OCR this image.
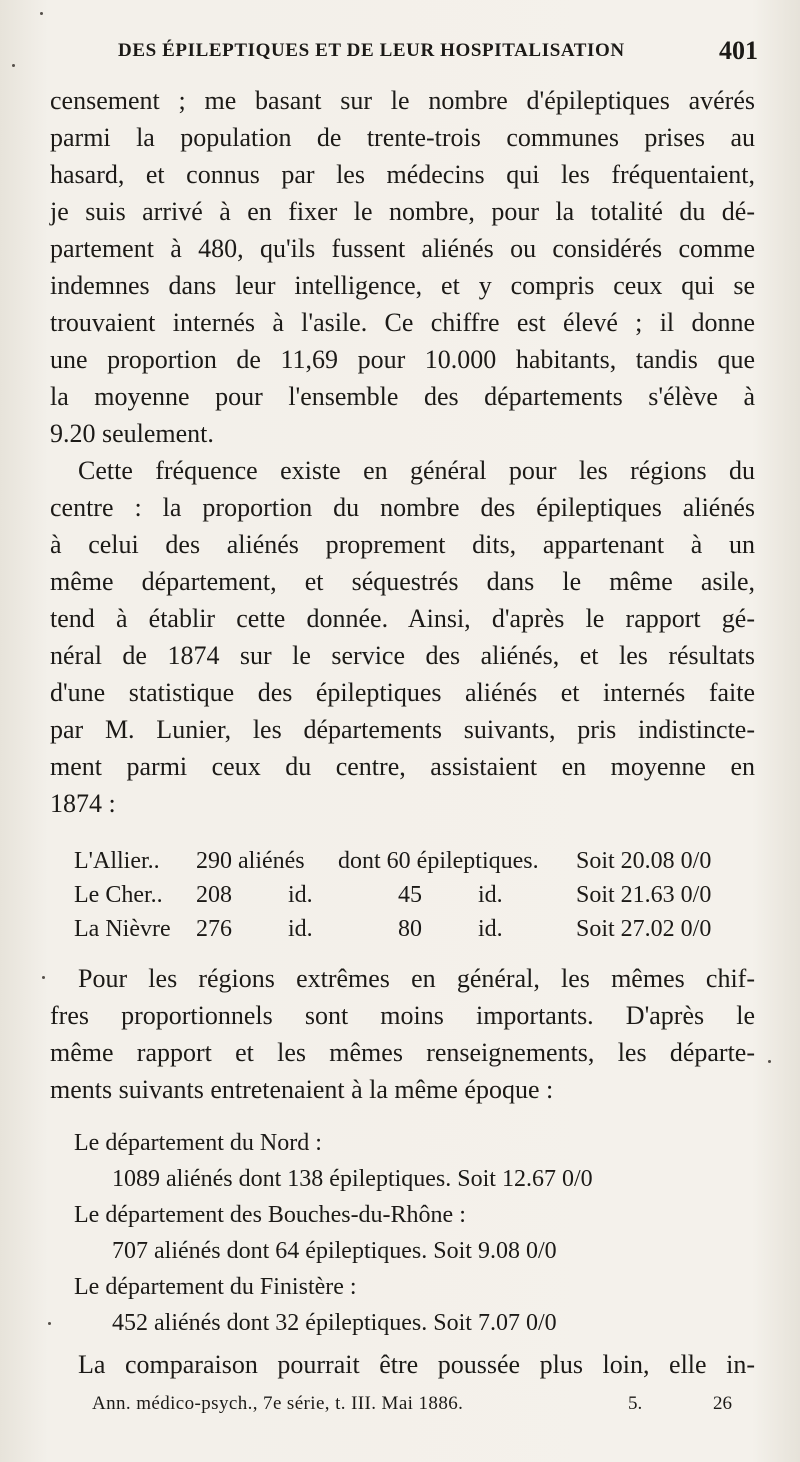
DES ÉPILEPTIQUES ET DE LEUR HOSPITALISATION	401
censement ; me basant sur le nombre d'épileptiques avérés
parmi la population de trente-trois communes prises au
hasard, et connus par les médecins qui les fréquentaient,
je suis arrivé à en fixer le nombre, pour la totalité du dé-
partement à 480, qu'ils fussent aliénés ou considérés comme
indemnes dans leur intelligence, et y compris ceux qui se
trouvaient internés à l'asile. Ce chiffre est élevé ; il donne
une proportion de 11,69 pour 10.000 habitants, tandis que
la moyenne pour l'ensemble des départements s'élève à
9.20 seulement.
Cette fréquence existe en général pour les régions du
centre : la proportion du nombre des épileptiques aliénés
à celui des aliénés proprement dits, appartenant à un
même département, et séquestrés dans le même asile,
tend à établir cette donnée. Ainsi, d'après le rapport gé-
néral de 1874 sur le service des aliénés, et les résultats
d'une statistique des épileptiques aliénés et internés faite
par M. Lunier, les départements suivants, pris indistincte-
ment parmi ceux du centre, assistaient en moyenne en
1874 :
L'Allier.. 290 aliénés dont 60 épileptiques. Soit 20.08 0/0
Le Cher.. 208 id.	45 id.	Soit 21.63 0/0
La Nièvre 276 id.	80 id.	Soit 27.02 0/0
Pour les régions extrêmes en général, les mêmes chif-
fres proportionnels sont moins importants. D'après le
même rapport et les mêmes renseignements, les départe-
ments suivants entretenaient à la même époque :
Le département du Nord :
1089 aliénés dont 138 épileptiques. Soit 12.67 0/0
Le département des Bouches-du-Rhône :
707 aliénés dont 64 épileptiques. Soit 9.08 0/0
Le département du Finistère :
452 aliénés dont 32 épileptiques. Soit 7.07 0/0
La comparaison pourrait être poussée plus loin, elle in-
Ann. médico-psych., 7e série, t. III. Mai 1886.	5.	26
